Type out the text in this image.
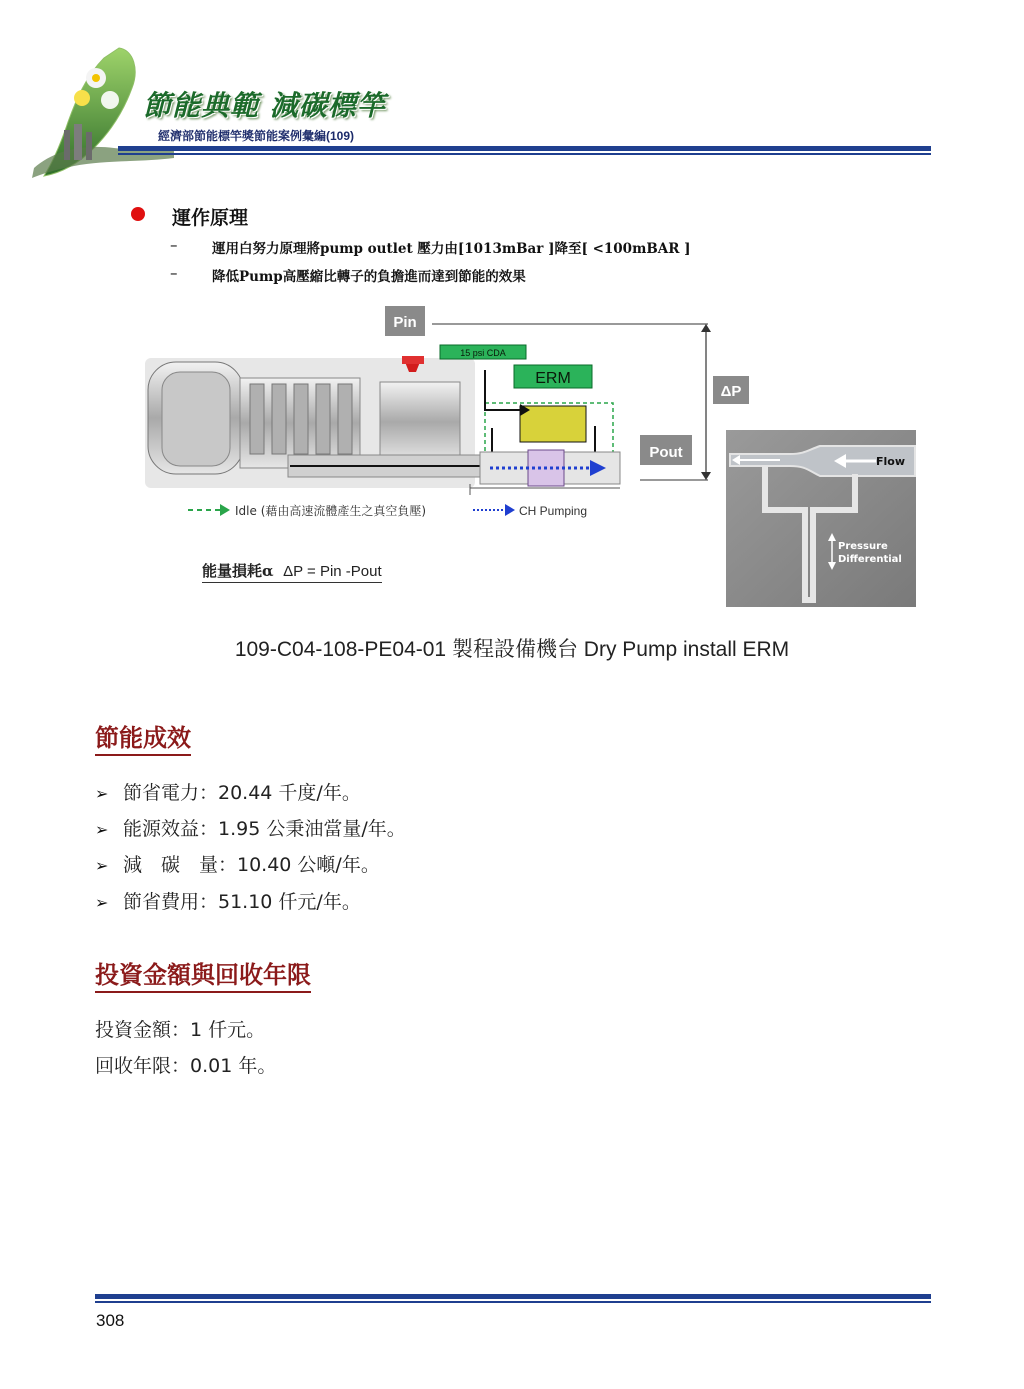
節能典範 減碳標竿
經濟部節能標竿獎節能案例彙編(109)
運作原理
–	運用白努力原理將pump outlet 壓力由[1013mBar ]降至[ <100mBAR ]
–	降低Pump高壓縮比轉子的負擔進而達到節能的效果
15 psi CDA
ERM
Pin
Pout
ΔP
Idle (藉由高速流體產生之真空負壓)	CH Pumping
Flow
Pressure
Differential
能量損耗α ΔP = Pin -Pout
109-C04-108-PE04-01 製程設備機台 Dry Pump install ERM
節能成效
➢ 節省電力：20.44 千度/年。
➢ 能源效益：1.95 公秉油當量/年。
➢ 減　碳　量：10.40 公噸/年。
➢ 節省費用：51.10 仟元/年。
投資金額與回收年限
投資金額：1 仟元。
回收年限：0.01 年。
308
